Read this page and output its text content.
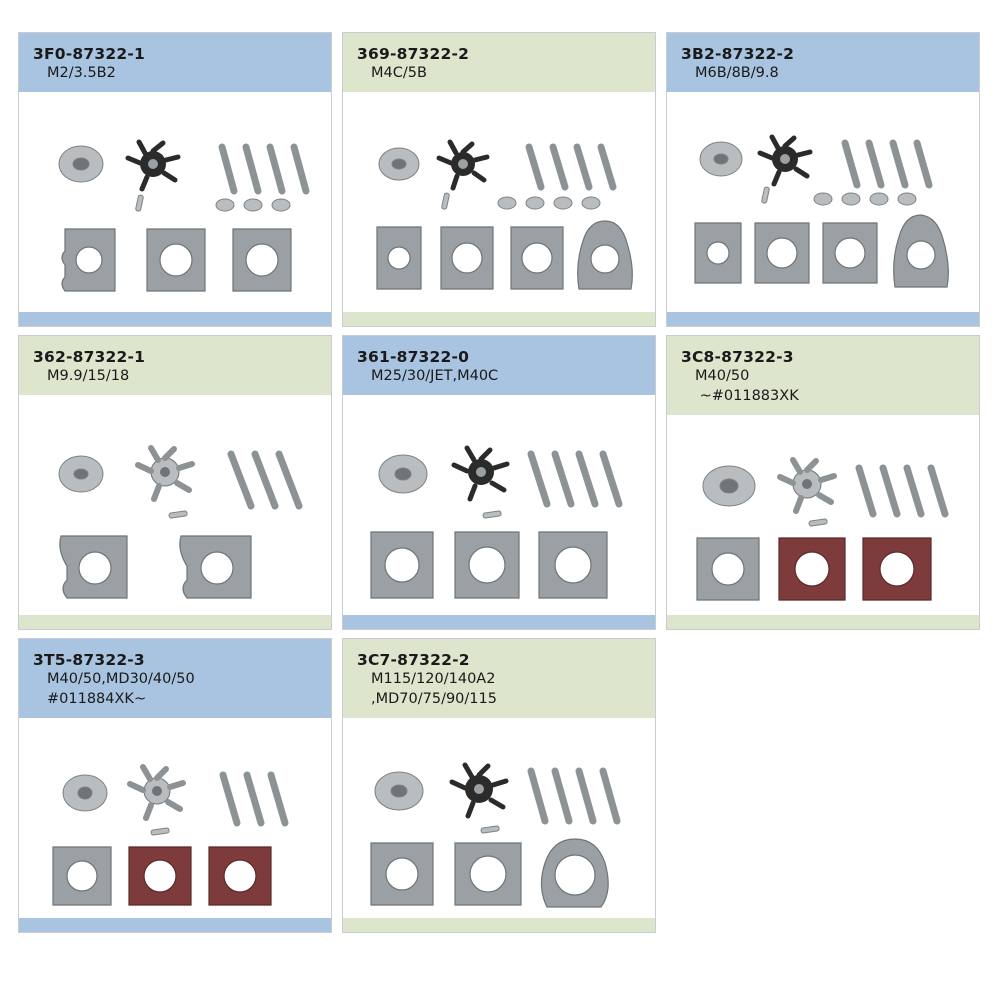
3F0-87322-1
M2/3.5B2
369-87322-2
M4C/5B
3B2-87322-2
M6B/8B/9.8
362-87322-1
M9.9/15/18
361-87322-0
M25/30/JET,M40C
3C8-87322-3
M40/50
~#011883XK
3T5-87322-3
M40/50,MD30/40/50
#011884XK~
3C7-87322-2
M115/120/140A2
,MD70/75/90/115
